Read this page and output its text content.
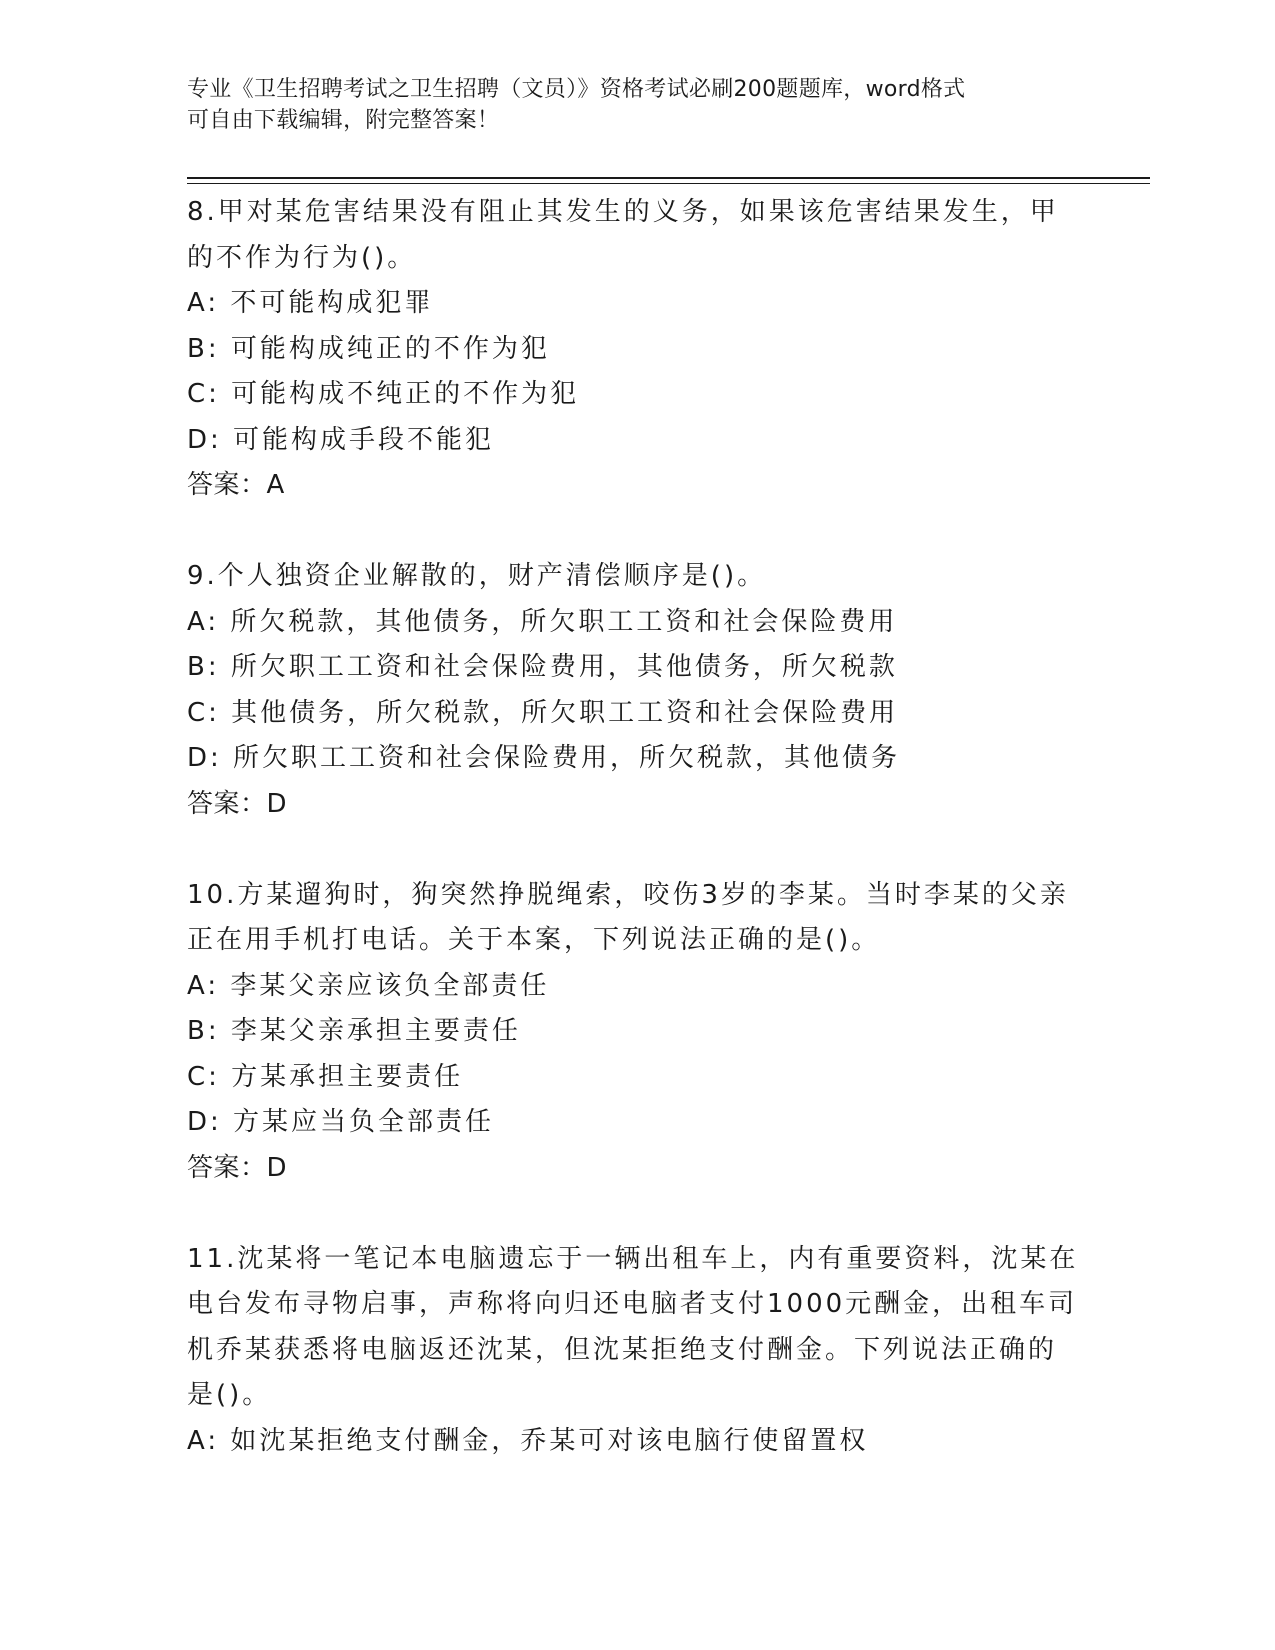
专业《卫生招聘考试之卫生招聘（文员）》资格考试必刷200题题库，word格式
可自由下载编辑，附完整答案！
8.甲对某危害结果没有阻止其发生的义务，如果该危害结果发生，甲
的不作为行为()。
A: 不可能构成犯罪
B: 可能构成纯正的不作为犯
C: 可能构成不纯正的不作为犯
D: 可能构成手段不能犯
答案：A
9.个人独资企业解散的，财产清偿顺序是()。
A: 所欠税款，其他债务，所欠职工工资和社会保险费用
B: 所欠职工工资和社会保险费用，其他债务，所欠税款
C: 其他债务，所欠税款，所欠职工工资和社会保险费用
D: 所欠职工工资和社会保险费用，所欠税款，其他债务
答案：D
10.方某遛狗时，狗突然挣脱绳索，咬伤3岁的李某。当时李某的父亲
正在用手机打电话。关于本案，下列说法正确的是()。
A: 李某父亲应该负全部责任
B: 李某父亲承担主要责任
C: 方某承担主要责任
D: 方某应当负全部责任
答案：D
11.沈某将一笔记本电脑遗忘于一辆出租车上，内有重要资料，沈某在
电台发布寻物启事，声称将向归还电脑者支付1000元酬金，出租车司
机乔某获悉将电脑返还沈某，但沈某拒绝支付酬金。下列说法正确的
是()。
A: 如沈某拒绝支付酬金，乔某可对该电脑行使留置权
